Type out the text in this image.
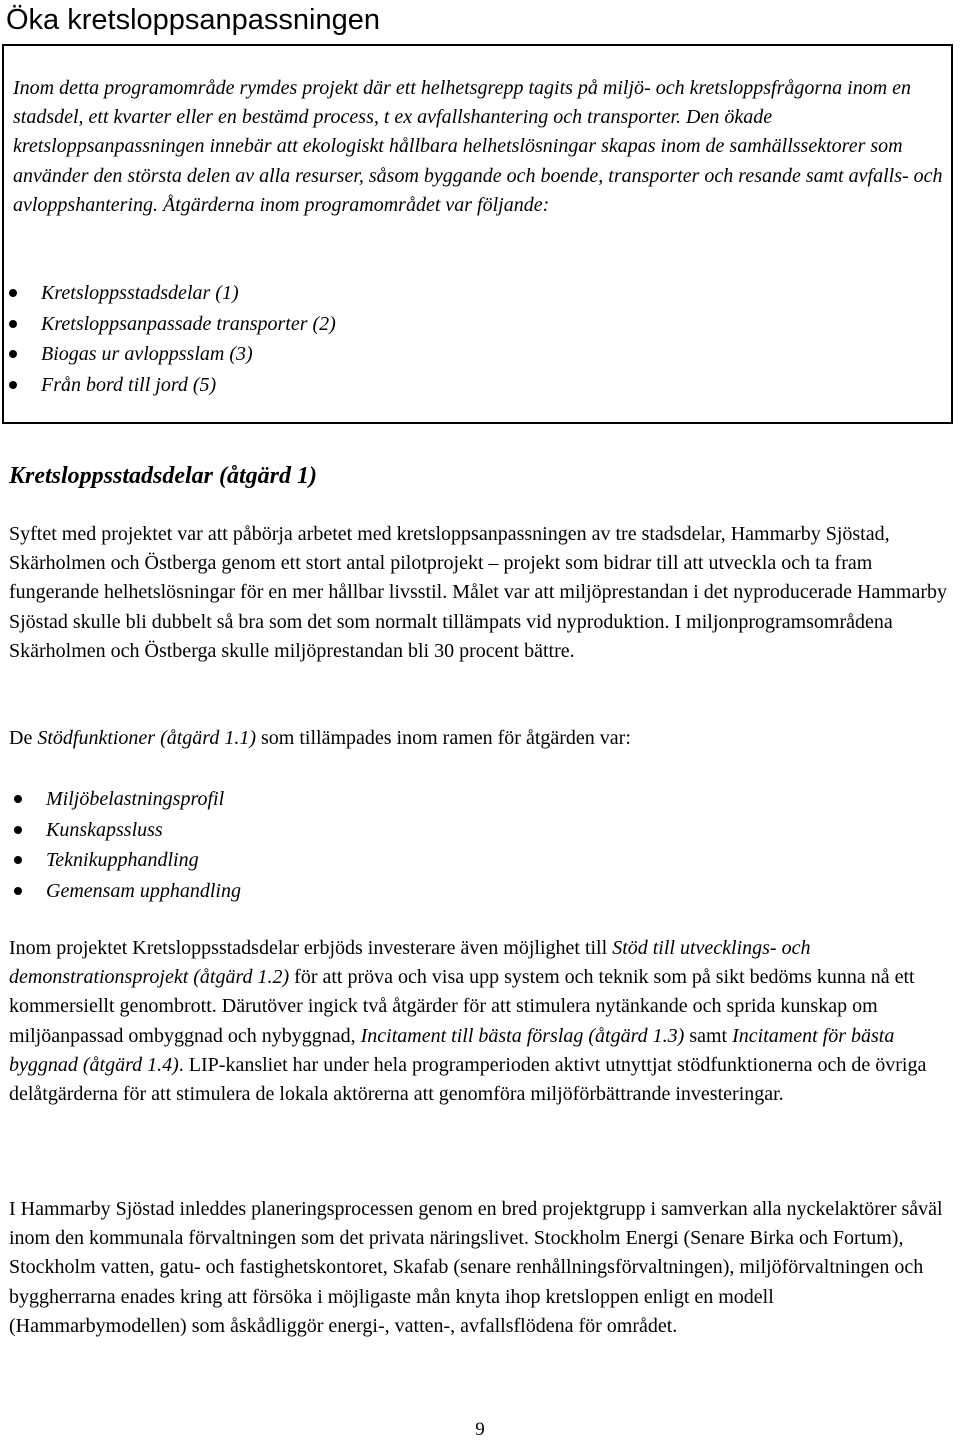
Öka kretsloppsanpassningen

Inom detta programområde rymdes projekt där ett helhetsgrepp tagits på miljö- och kretsloppsfrågorna inom en stadsdel, ett kvarter eller en bestämd process, t ex avfallshantering och transporter. Den ökade kretsloppsanpassningen innebär att ekologiskt hållbara helhetslösningar skapas inom de samhällssektorer som använder den största delen av alla resurser, såsom byggande och boende, transporter och resande samt avfalls- och avloppshantering. Åtgärderna inom programområdet var följande:

Kretsloppsstadsdelar (1)
Kretsloppsanpassade transporter (2)
Biogas ur avloppsslam (3)
Från bord till jord (5)
Kretsloppsstadsdelar (åtgärd 1)

Syftet med projektet var att påbörja arbetet med kretsloppsanpassningen av tre stadsdelar, Hammarby Sjöstad, Skärholmen och Östberga genom ett stort antal pilotprojekt – projekt som bidrar till att utveckla och ta fram fungerande helhetslösningar för en mer hållbar livsstil. Målet var att miljöprestandan i det nyproducerade Hammarby Sjöstad skulle bli dubbelt så bra som det som normalt tillämpats vid nyproduktion. I miljonprogramsområdena Skärholmen och Östberga skulle miljöprestandan bli 30 procent bättre.

De Stödfunktioner (åtgärd 1.1) som tillämpades inom ramen för åtgärden var:

Miljöbelastningsprofil
Kunskapssluss
Teknikupphandling
Gemensam upphandling

Inom projektet Kretsloppsstadsdelar erbjöds investerare även möjlighet till Stöd till utvecklings- och demonstrationsprojekt (åtgärd 1.2) för att pröva och visa upp system och teknik som på sikt bedöms kunna nå ett kommersiellt genombrott. Därutöver ingick två åtgärder för att stimulera nytänkande och sprida kunskap om miljöanpassad ombyggnad och nybyggnad, Incitament till bästa förslag (åtgärd 1.3) samt Incitament för bästa byggnad (åtgärd 1.4). LIP-kansliet har under hela programperioden aktivt utnyttjat stödfunktionerna och de övriga delåtgärderna för att stimulera de lokala aktörerna att genomföra miljöförbättrande investeringar.

I Hammarby Sjöstad inleddes planeringsprocessen genom en bred projektgrupp i samverkan alla nyckelaktörer såväl inom den kommunala förvaltningen som det privata näringslivet. Stockholm Energi (Senare Birka och Fortum), Stockholm vatten, gatu- och fastighetskontoret, Skafab (senare renhållningsförvaltningen), miljöförvaltningen och byggherrarna enades kring att försöka i möjligaste mån knyta ihop kretsloppen enligt en modell (Hammarbymodellen) som åskådliggör energi-, vatten-, avfallsflödena för området.

9
